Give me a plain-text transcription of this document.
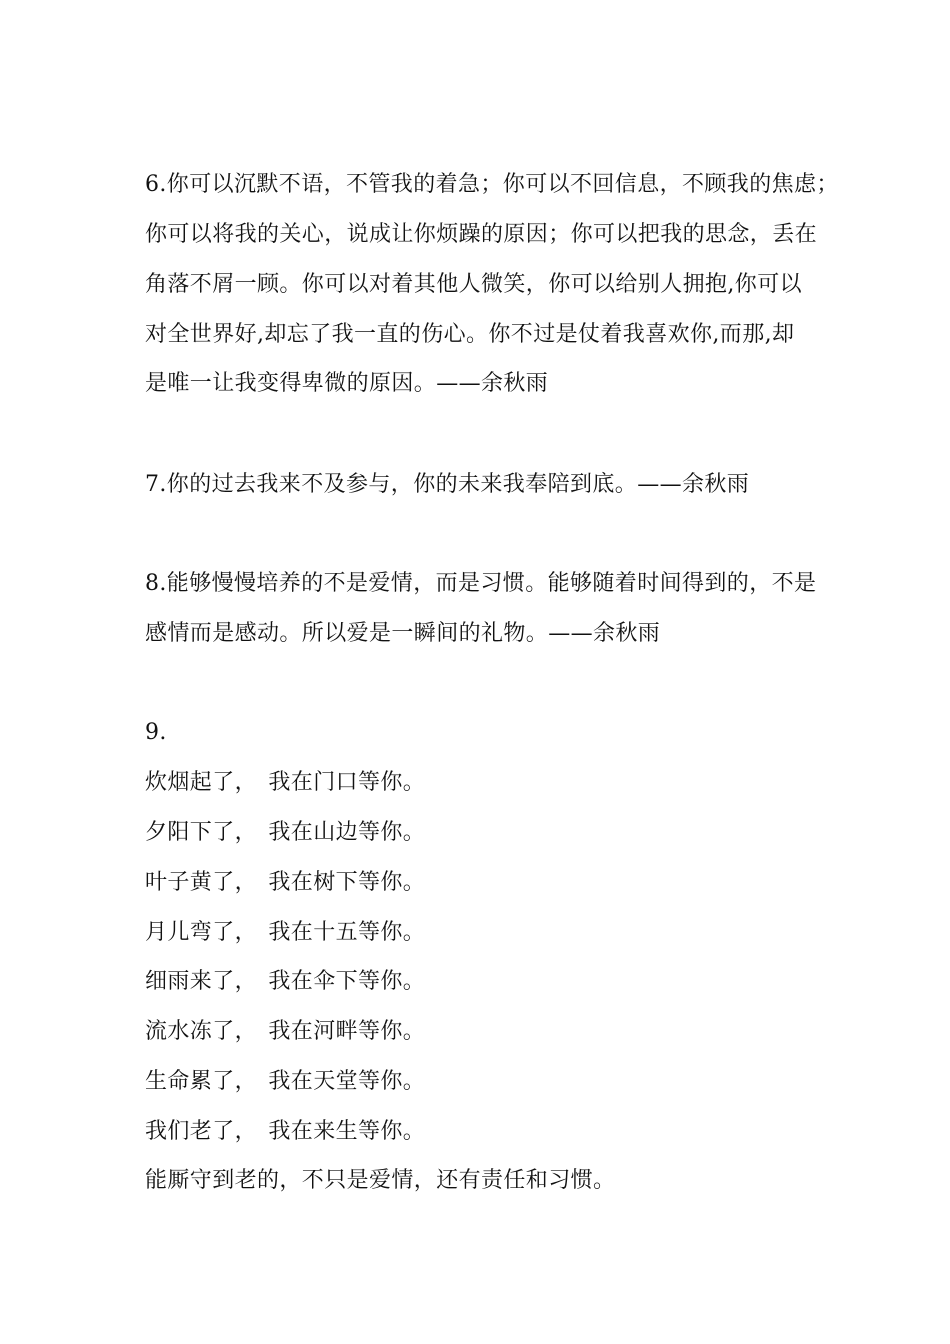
6.你可以沉默不语，不管我的着急；你可以不回信息，不顾我的焦虑；
你可以将我的关心，说成让你烦躁的原因；你可以把我的思念，丢在
角落不屑一顾。你可以对着其他人微笑，你可以给别人拥抱,你可以
对全世界好,却忘了我一直的伤心。你不过是仗着我喜欢你,而那,却
是唯一让我变得卑微的原因。——余秋雨
7.你的过去我来不及参与，你的未来我奉陪到底。——余秋雨
8.能够慢慢培养的不是爱情，而是习惯。能够随着时间得到的，不是
感情而是感动。所以爱是一瞬间的礼物。——余秋雨
9.
炊烟起了，　我在门口等你。
夕阳下了，　我在山边等你。
叶子黄了，　我在树下等你。
月儿弯了，　我在十五等你。
细雨来了，　我在伞下等你。
流水冻了，　我在河畔等你。
生命累了，　我在天堂等你。
我们老了，　我在来生等你。
能厮守到老的，不只是爱情，还有责任和习惯。
